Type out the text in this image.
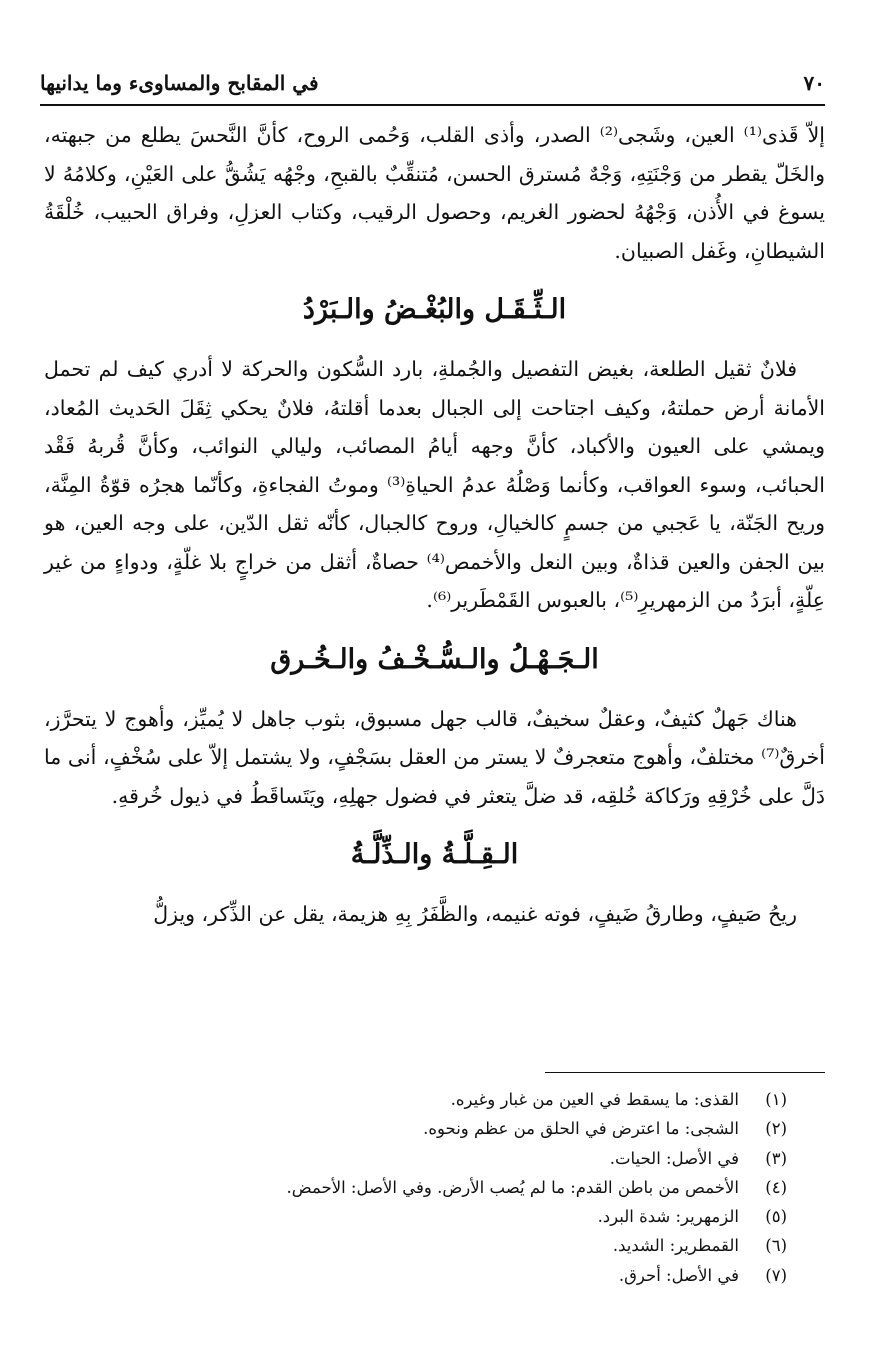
٧٠
في المقابح والمساوىء وما يدانيها

إلاّ قَذى⁽¹⁾ العين، وشَجى⁽²⁾ الصدر، وأذى القلب، وَحُمى الروح، كأنَّ النَّحسَ يطلع من جبهته، والخَلّ يقطر من وَجْنَتِهِ، وَجْهٌ مُسترق الحسن، مُتنقِّبٌ بالقبحِ، وجْهُه يَشُقُّ على العَيْنِ، وكلامُهُ لا يسوغ في الأُذن، وَجْهُهُ لحضور الغريم، وحصول الرقيب، وكتاب العزلِ، وفراق الحبيب، خُلْقَةُ الشيطانِ، وغَفل الصبيان.

الـثِّـقَـل والبُغْـضُ والـبَرْدُ

فلانٌ ثقيل الطلعة، بغيض التفصيل والجُملةِ، بارد السُّكون والحركة لا أدري كيف لم تحمل الأمانة أرض حملتهُ، وكيف اجتاحت إلى الجبال بعدما أقلتهُ، فلانٌ يحكي ثِقَلَ الحَديث المُعاد، ويمشي على العيون والأكباد، كأنَّ وجهه أيامُ المصائب، وليالي النوائب، وكأنَّ قُربهُ فَقْد الحبائب، وسوء العواقب، وكأنما وَصْلُهُ عدمُ الحياةِ⁽³⁾ وموتُ الفجاءةِ، وكأنّما هجرُه قوّةُ المِنَّة، وريح الجَنّة، يا عَجبي من جسمٍ كالخيالِ، وروح كالجبال، كأنّه ثقل الدّين، على وجه العين، هو بين الجفن والعين قذاةٌ، وبين النعل والأخمص⁽⁴⁾ حصاةٌ، أثقل من خراجٍ بلا غلّةٍ، ودواءٍ من غير عِلّةٍ، أبرَدُ من الزمهريرِ⁽⁵⁾، بالعبوس القَمْطَرير⁽⁶⁾.

الـجَـهْـلُ والـسُّـخْـفُ والـخُـرق

هناك جَهلٌ كثيفٌ، وعقلٌ سخيفٌ، قالب جهل مسبوق، بثوب جاهل لا يُميِّز، وأهوج لا يتحرَّز، أخرقٌ⁽⁷⁾ مختلفٌ، وأهوج متعجرفٌ لا يستر من العقل بسَجْفٍ، ولا يشتمل إلاّ على سُخْفٍ، أنى ما دَلَّ على خُرْقِهِ ورَكاكة خُلقِه، قد ضلَّ يتعثر في فضول جهلِهِ، ويَتَساقَطُ في ذيول خُرقهِ.

الـقِـلَّـةُ والـذِّلَّـةُ

ريحُ صَيفٍ، وطارقُ ضَيفٍ، فوته غنيمه، والظَّفَرُ بِهِ هزيمة، يقل عن الذِّكر، ويزلُّ

(١)
القذى: ما يسقط في العين من غبار وغيره.
(٢)
الشجى: ما اعترض في الحلق من عظم ونحوه.
(٣)
في الأصل: الحيات.
(٤)
الأخمص من باطن القدم: ما لم يُصب الأرض. وفي الأصل: الأحمض.
(٥)
الزمهرير: شدة البرد.
(٦)
القمطرير: الشديد.
(٧)
في الأصل: أحرق.
